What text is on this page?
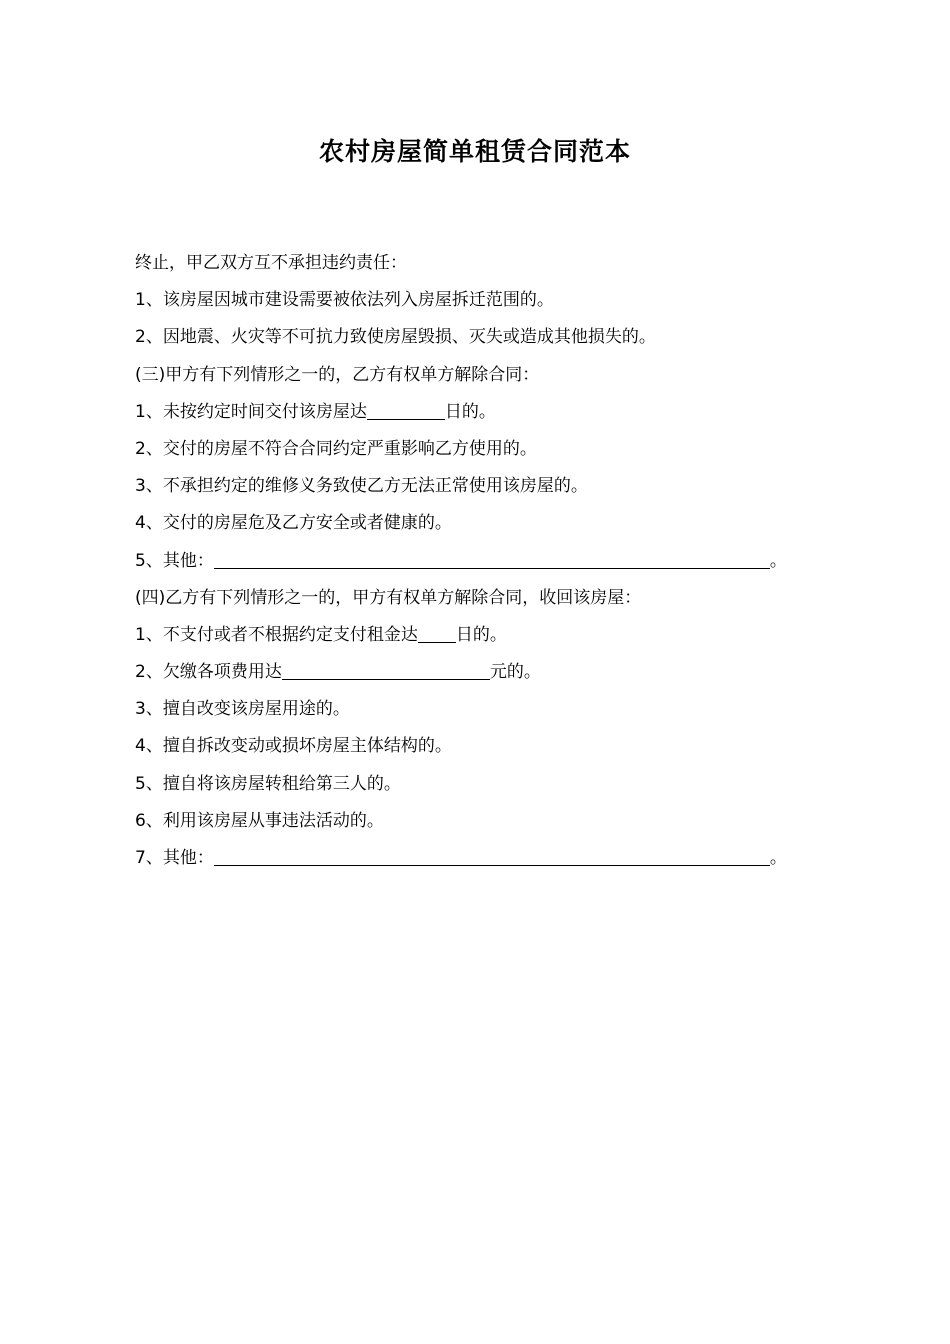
农村房屋简单租赁合同范本
终止，甲乙双方互不承担违约责任：
1、该房屋因城市建设需要被依法列入房屋拆迁范围的。
2、因地震、火灾等不可抗力致使房屋毁损、灭失或造成其他损失的。
(三)甲方有下列情形之一的，乙方有权单方解除合同：
1、未按约定时间交付该房屋达	日的。
2、交付的房屋不符合合同约定严重影响乙方使用的。
3、不承担约定的维修义务致使乙方无法正常使用该房屋的。
4、交付的房屋危及乙方安全或者健康的。
5、其他：	。
(四)乙方有下列情形之一的，甲方有权单方解除合同，收回该房屋：
1、不支付或者不根据约定支付租金达 日的。
2、欠缴各项费用达	元的。
3、擅自改变该房屋用途的。
4、擅自拆改变动或损坏房屋主体结构的。
5、擅自将该房屋转租给第三人的。
6、利用该房屋从事违法活动的。
7、其他：	。
